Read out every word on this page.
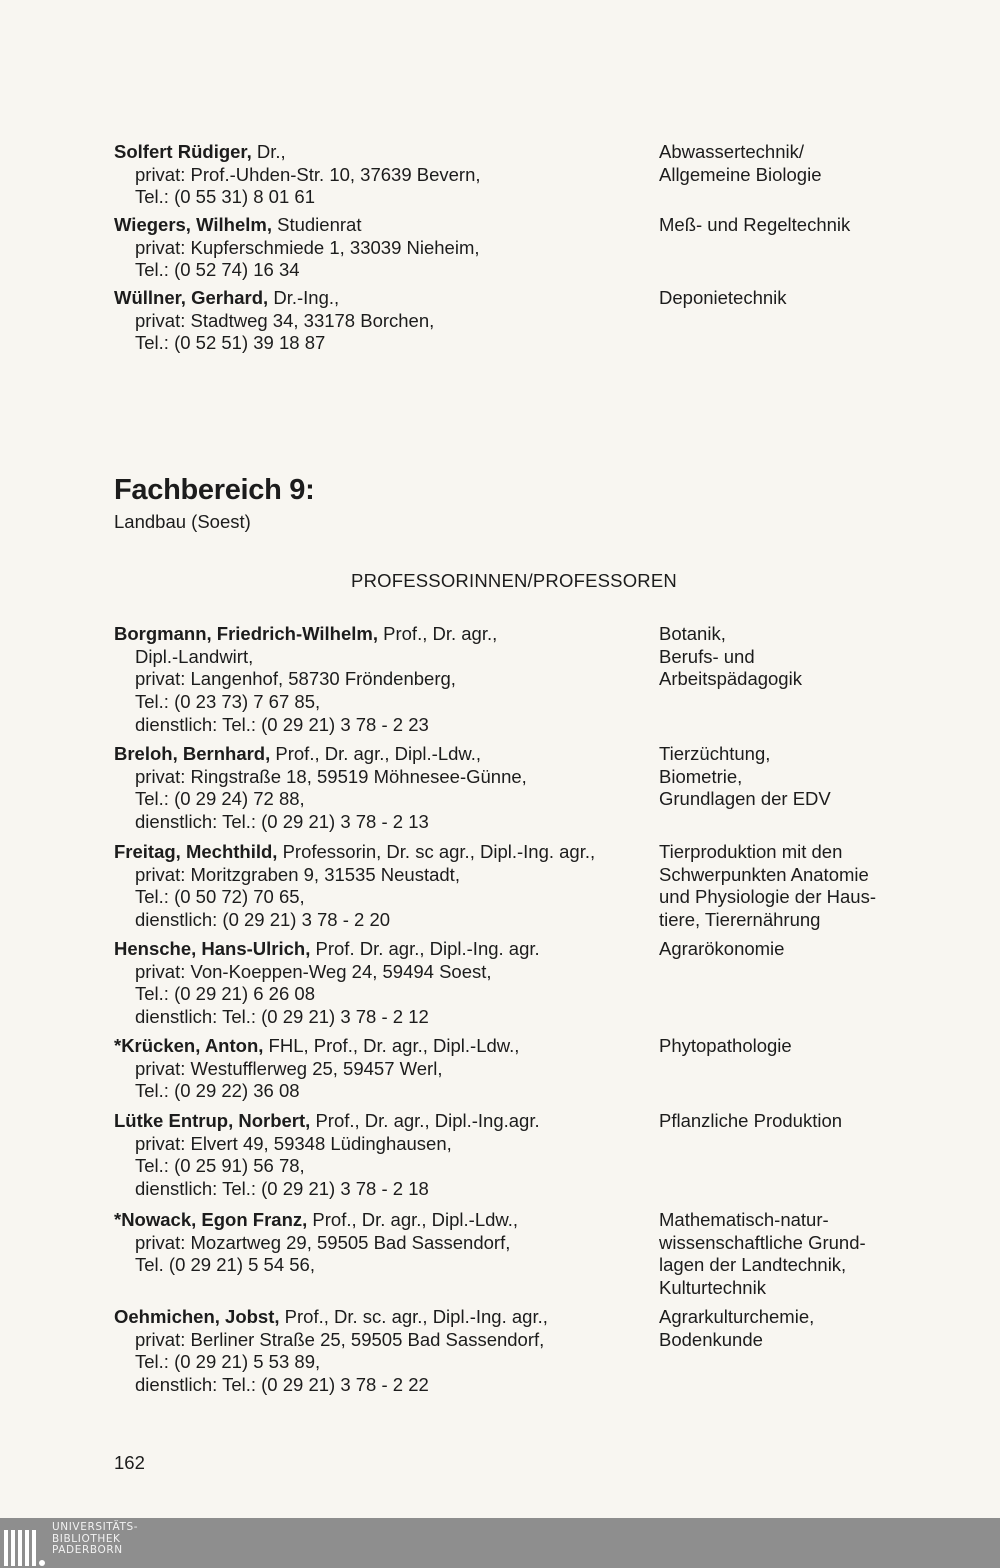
Solfert Rüdiger, Dr.,
privat: Prof.-Uhden-Str. 10, 37639 Bevern,
Tel.: (0 55 31) 8 01 61
Abwassertechnik/
Allgemeine Biologie
Wiegers, Wilhelm, Studienrat
privat: Kupferschmiede 1, 33039 Nieheim,
Tel.: (0 52 74) 16 34
Meß- und Regeltechnik
Wüllner, Gerhard, Dr.-Ing.,
privat: Stadtweg 34, 33178 Borchen,
Tel.: (0 52 51) 39 18 87
Deponietechnik
Fachbereich 9:
Landbau (Soest)
PROFESSORINNEN/PROFESSOREN
Borgmann, Friedrich-Wilhelm, Prof., Dr. agr.,
Dipl.-Landwirt,
privat: Langenhof, 58730 Fröndenberg,
Tel.: (0 23 73) 7 67 85,
dienstlich: Tel.: (0 29 21) 3 78 - 2 23
Botanik,
Berufs- und
Arbeitspädagogik
Breloh, Bernhard, Prof., Dr. agr., Dipl.-Ldw.,
privat: Ringstraße 18, 59519 Möhnesee-Günne,
Tel.: (0 29 24) 72 88,
dienstlich: Tel.: (0 29 21) 3 78 - 2 13
Tierzüchtung,
Biometrie,
Grundlagen der EDV
Freitag, Mechthild, Professorin, Dr. sc agr., Dipl.-Ing. agr.,
privat: Moritzgraben 9, 31535 Neustadt,
Tel.: (0 50 72) 70 65,
dienstlich: (0 29 21) 3 78 - 2 20
Tierproduktion mit den
Schwerpunkten Anatomie
und Physiologie der Haus-
tiere, Tierernährung
Hensche, Hans-Ulrich, Prof. Dr. agr., Dipl.-Ing. agr.
privat: Von-Koeppen-Weg 24, 59494 Soest,
Tel.: (0 29 21) 6 26 08
dienstlich: Tel.: (0 29 21) 3 78 - 2 12
Agrarökonomie
*Krücken, Anton, FHL, Prof., Dr. agr., Dipl.-Ldw.,
privat: Westufflerweg 25, 59457 Werl,
Tel.: (0 29 22) 36 08
Phytopathologie
Lütke Entrup, Norbert, Prof., Dr. agr., Dipl.-Ing.agr.
privat: Elvert 49, 59348 Lüdinghausen,
Tel.: (0 25 91) 56 78,
dienstlich: Tel.: (0 29 21) 3 78 - 2 18
Pflanzliche Produktion
*Nowack, Egon Franz, Prof., Dr. agr., Dipl.-Ldw.,
privat: Mozartweg 29, 59505 Bad Sassendorf,
Tel. (0 29 21) 5 54 56,
Mathematisch-natur-
wissenschaftliche Grund-
lagen der Landtechnik,
Kulturtechnik
Oehmichen, Jobst, Prof., Dr. sc. agr., Dipl.-Ing. agr.,
privat: Berliner Straße 25, 59505 Bad Sassendorf,
Tel.: (0 29 21) 5 53 89,
dienstlich: Tel.: (0 29 21) 3 78 - 2 22
Agrarkulturchemie,
Bodenkunde
162
UNIVERSITÄTS-
BIBLIOTHEK
PADERBORN
